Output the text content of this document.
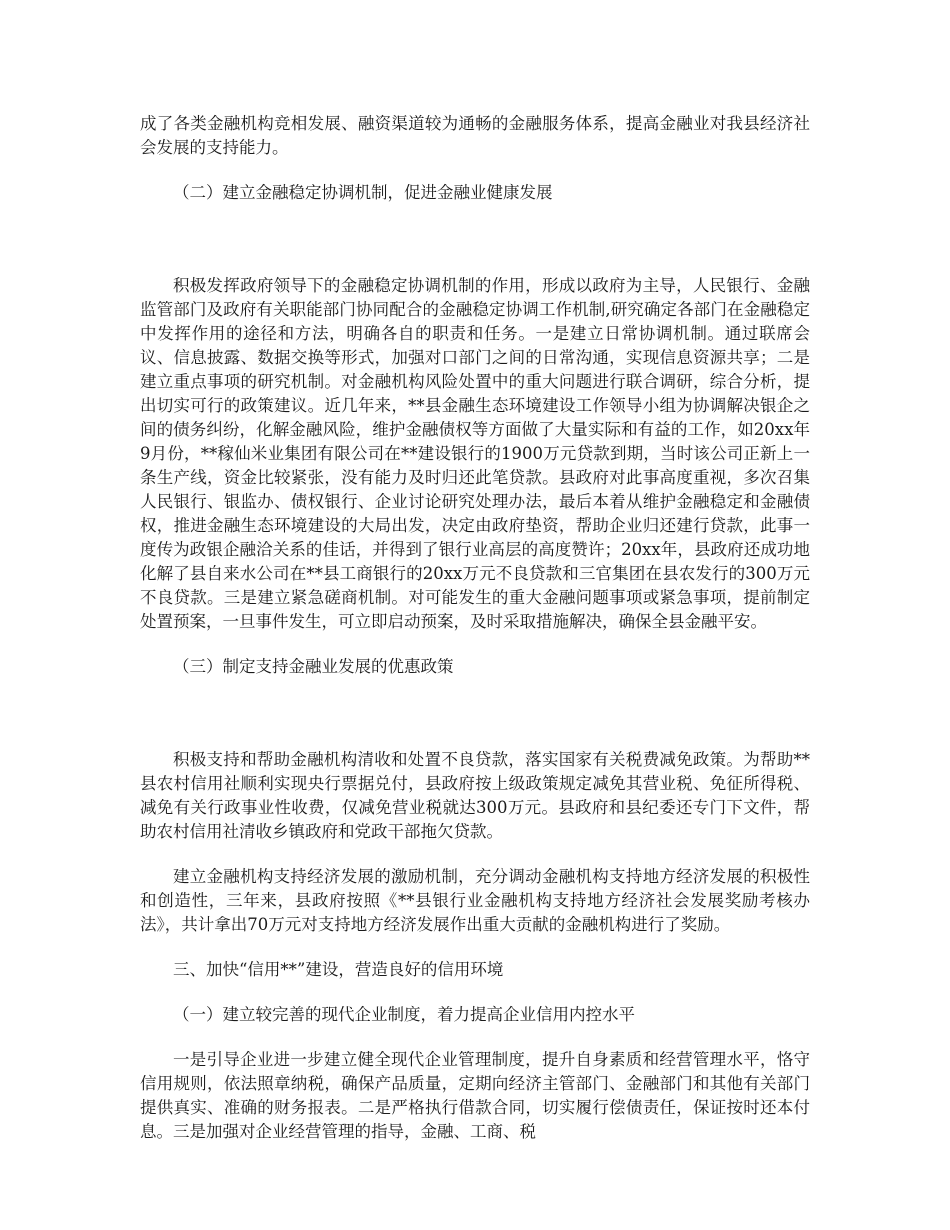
成了各类金融机构竞相发展、融资渠道较为通畅的金融服务体系，提高金融业对我县经济社会发展的支持能力。

（二）建立金融稳定协调机制，促进金融业健康发展

积极发挥政府领导下的金融稳定协调机制的作用，形成以政府为主导，人民银行、金融监管部门及政府有关职能部门协同配合的金融稳定协调工作机制,研究确定各部门在金融稳定中发挥作用的途径和方法，明确各自的职责和任务。一是建立日常协调机制。通过联席会议、信息披露、数据交换等形式，加强对口部门之间的日常沟通，实现信息资源共享；二是建立重点事项的研究机制。对金融机构风险处置中的重大问题进行联合调研，综合分析，提出切实可行的政策建议。近几年来，**县金融生态环境建设工作领导小组为协调解决银企之间的债务纠纷，化解金融风险，维护金融债权等方面做了大量实际和有益的工作，如20xx年9月份，**稼仙米业集团有限公司在**建设银行的1900万元贷款到期，当时该公司正新上一条生产线，资金比较紧张，没有能力及时归还此笔贷款。县政府对此事高度重视，多次召集人民银行、银监办、债权银行、企业讨论研究处理办法，最后本着从维护金融稳定和金融债权，推进金融生态环境建设的大局出发，决定由政府垫资，帮助企业归还建行贷款，此事一度传为政银企融洽关系的佳话，并得到了银行业高层的高度赞许；20xx年，县政府还成功地化解了县自来水公司在**县工商银行的20xx万元不良贷款和三官集团在县农发行的300万元不良贷款。三是建立紧急磋商机制。对可能发生的重大金融问题事项或紧急事项，提前制定处置预案，一旦事件发生，可立即启动预案，及时采取措施解决，确保全县金融平安。

（三）制定支持金融业发展的优惠政策

积极支持和帮助金融机构清收和处置不良贷款，落实国家有关税费减免政策。为帮助**县农村信用社顺利实现央行票据兑付，县政府按上级政策规定减免其营业税、免征所得税、减免有关行政事业性收费，仅减免营业税就达300万元。县政府和县纪委还专门下文件，帮助农村信用社清收乡镇政府和党政干部拖欠贷款。

建立金融机构支持经济发展的激励机制，充分调动金融机构支持地方经济发展的积极性和创造性，三年来，县政府按照《**县银行业金融机构支持地方经济社会发展奖励考核办法》，共计拿出70万元对支持地方经济发展作出重大贡献的金融机构进行了奖励。

三、加快“信用**”建设，营造良好的信用环境

（一）建立较完善的现代企业制度，着力提高企业信用内控水平

一是引导企业进一步建立健全现代企业管理制度，提升自身素质和经营管理水平，恪守信用规则，依法照章纳税，确保产品质量，定期向经济主管部门、金融部门和其他有关部门提供真实、准确的财务报表。二是严格执行借款合同，切实履行偿债责任，保证按时还本付息。三是加强对企业经营管理的指导，金融、工商、税
